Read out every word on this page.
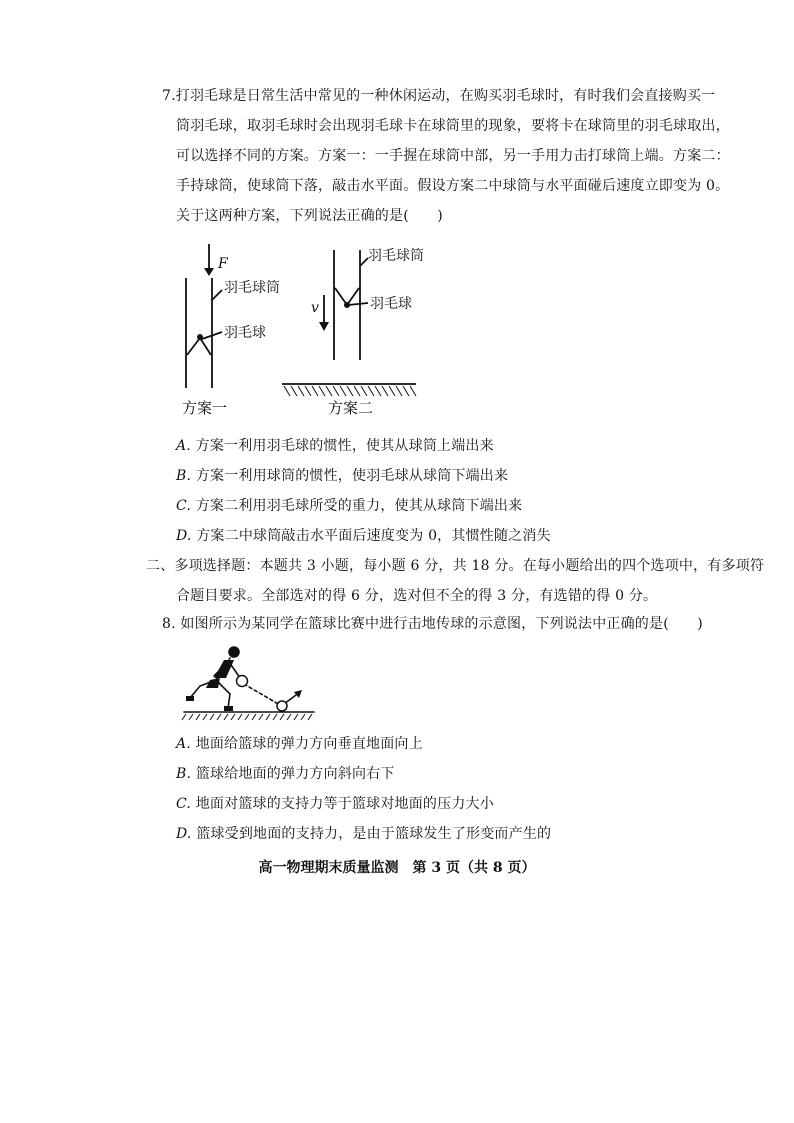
7.打羽毛球是日常生活中常见的一种休闲运动，在购买羽毛球时，有时我们会直接购买一
筒羽毛球，取羽毛球时会出现羽毛球卡在球筒里的现象，要将卡在球筒里的羽毛球取出，
可以选择不同的方案。方案一：一手握在球筒中部，另一手用力击打球筒上端。方案二：
手持球筒，使球筒下落，敲击水平面。假设方案二中球筒与水平面碰后速度立即变为 0。
关于这两种方案，下列说法正确的是(　　)
F
羽毛球筒
羽毛球
v
羽毛球筒
羽毛球
方案一	方案二
A. 方案一利用羽毛球的惯性，使其从球筒上端出来
B. 方案一利用球筒的惯性，使羽毛球从球筒下端出来
C. 方案二利用羽毛球所受的重力，使其从球筒下端出来
D. 方案二中球筒敲击水平面后速度变为 0，其惯性随之消失
二、多项选择题：本题共 3 小题，每小题 6 分，共 18 分。在每小题给出的四个选项中，有多项符
合题目要求。全部选对的得 6 分，选对但不全的得 3 分，有选错的得 0 分。
8. 如图所示为某同学在篮球比赛中进行击地传球的示意图，下列说法中正确的是(　　)
A. 地面给篮球的弹力方向垂直地面向上
B. 篮球给地面的弹力方向斜向右下
C. 地面对篮球的支持力等于篮球对地面的压力大小
D. 篮球受到地面的支持力，是由于篮球发生了形变而产生的
高一物理期末质量监测　第 3 页（共 8 页）
